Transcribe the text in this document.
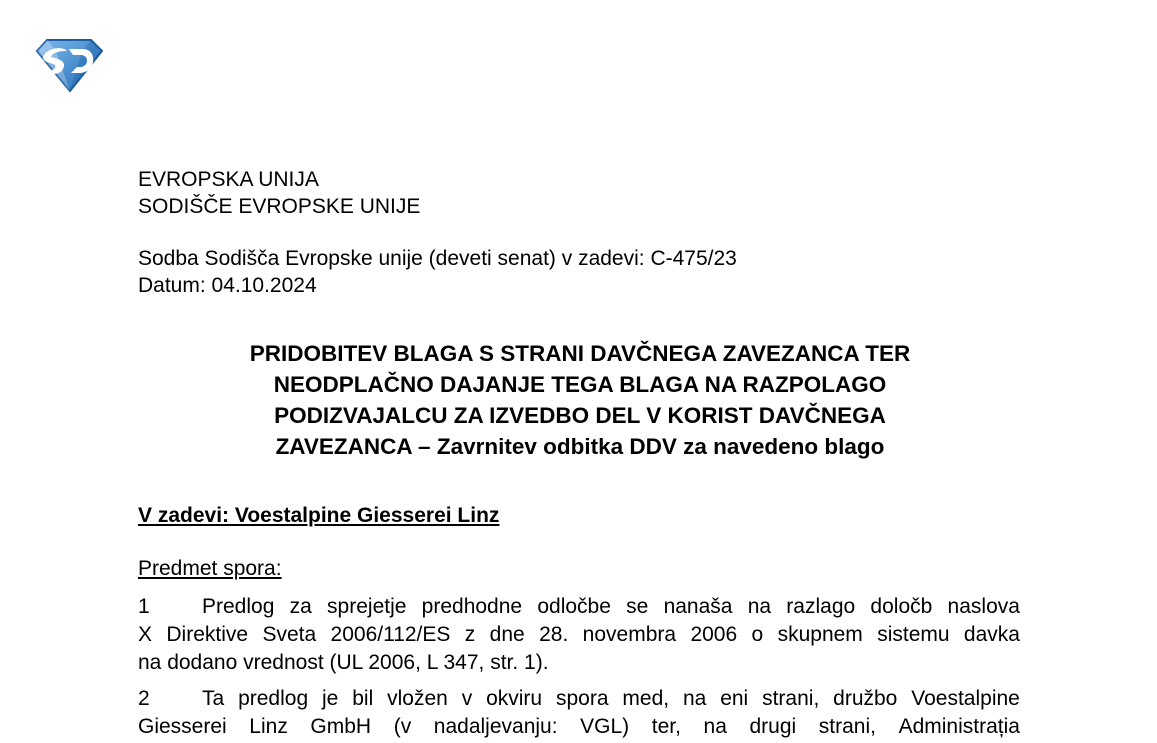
EVROPSKA UNIJA
SODIŠČE EVROPSKE UNIJE
Sodba Sodišča Evropske unije (deveti senat) v zadevi: C-475/23
Datum: 04.10.2024
PRIDOBITEV BLAGA S STRANI DAVČNEGA ZAVEZANCA TER
NEODPLAČNO DAJANJE TEGA BLAGA NA RAZPOLAGO
PODIZVAJALCU ZA IZVEDBO DEL V KORIST DAVČNEGA
ZAVEZANCA – Zavrnitev odbitka DDV za navedeno blago
V zadevi: Voestalpine Giesserei Linz
Predmet spora:
1 Predlog za sprejetje predhodne odločbe se nanaša na razlago določb naslova
X Direktive Sveta 2006/112/ES z dne 28. novembra 2006 o skupnem sistemu davka
na dodano vrednost (UL 2006, L 347, str. 1).
2 Ta predlog je bil vložen v okviru spora med, na eni strani, družbo Voestalpine
Giesserei Linz GmbH (v nadaljevanju: VGL) ter, na drugi strani, Administrația
